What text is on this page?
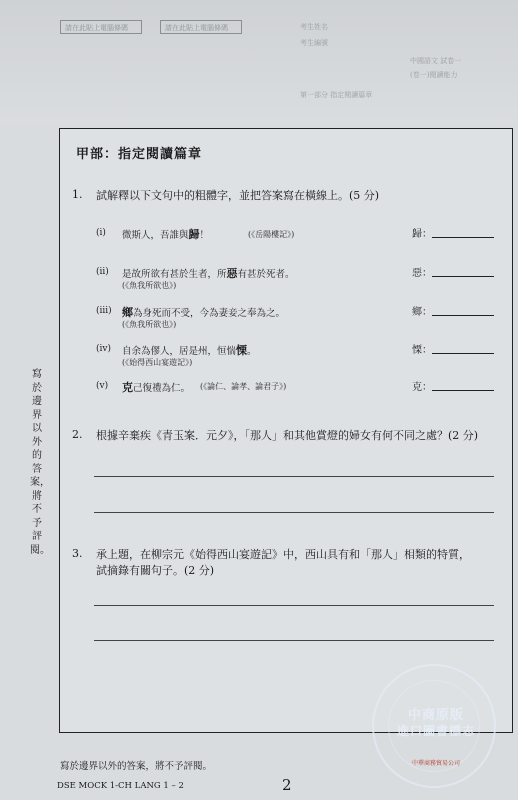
請在此貼上電腦條碼	請在此貼上電腦條碼	考生姓名
考生編號
第一部分 指定閱讀篇章
中國語文 試卷一
(卷一)閱讀能力
寫於邊界以外的答案，將不予評閱。
甲部：指定閱讀篇章
1. 試解釋以下文句中的粗體字，並把答案寫在橫線上。(5 分)
(i) 微斯人，吾誰與歸！	(《岳陽樓記》)	歸：
(ii) 是故所欲有甚於生者，所惡有甚於死者。
(《魚我所欲也》)
惡：
(iii) 鄉為身死而不受，今為妻妾之奉為之。
(《魚我所欲也》)
鄉：
(iv) 自余為僇人，居是州，恒惴慄。
(《始得西山宴遊記》)
慄：
(v) 克己復禮為仁。 (《論仁、論孝、論君子》)	克：
2. 根據辛棄疾《青玉案．元夕》，「那人」和其他賞燈的婦女有何不同之處？(2 分)
3. 承上題，在柳宗元《始得西山宴遊記》中，西山具有和「那人」相類的特質，
試摘錄有關句子。(2 分)
寫於邊界以外的答案，將不予評閱。
DSE MOCK 1-CH LANG 1 – 2	2
中商原版
進口圖書標志
中華商務貿易公司
